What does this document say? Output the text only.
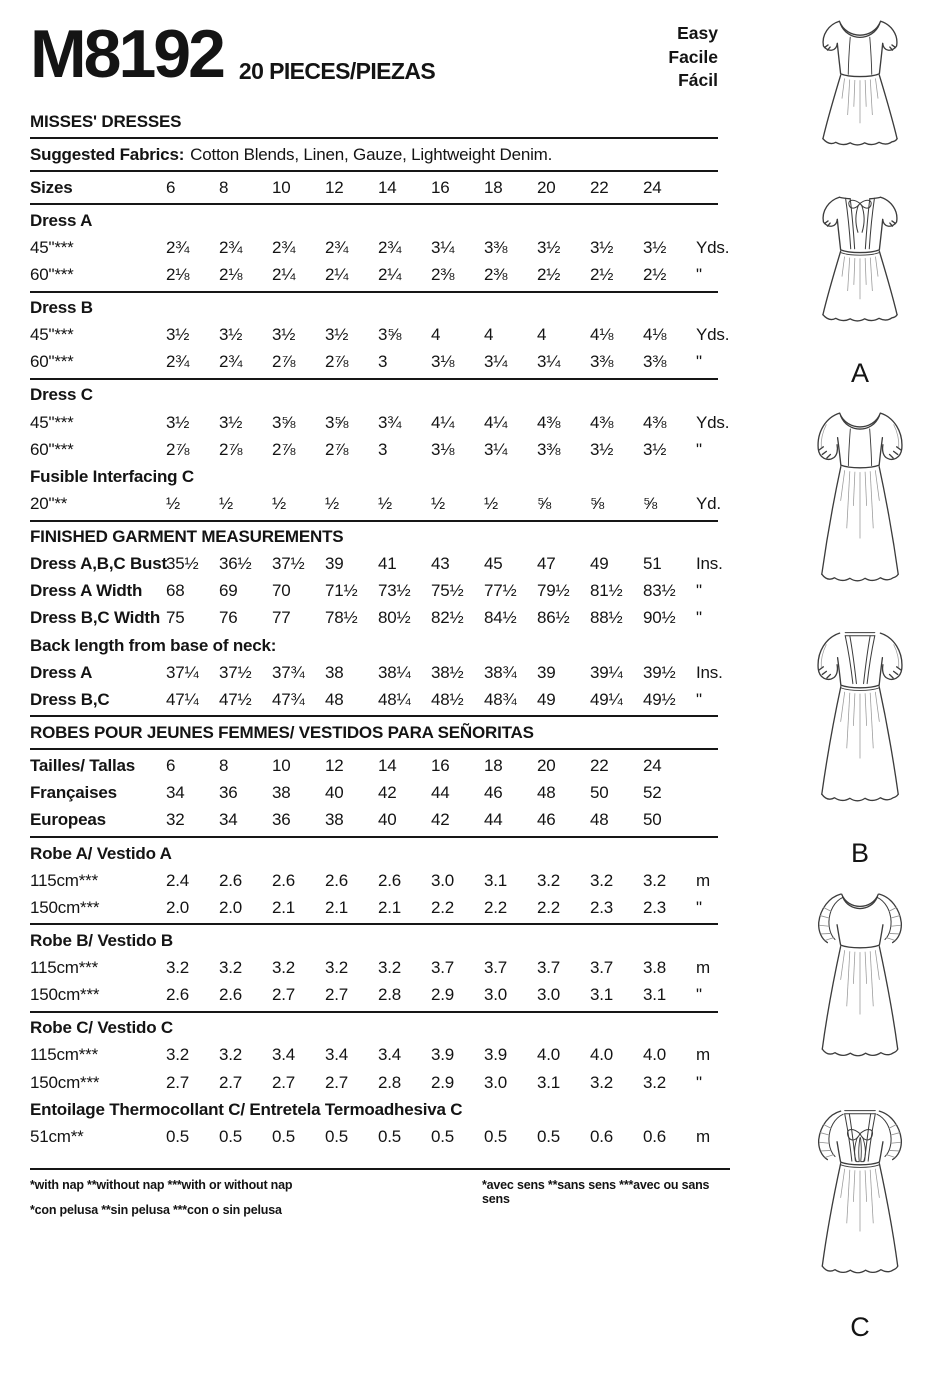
M8192 20 PIECES/PIEZAS
Easy
Facile
Fácil
MISSES' DRESSES
Suggested Fabrics: Cotton Blends, Linen, Gauze, Lightweight Denim.
Sizes	6	8	10	12	14	16	18	20	22	24
Dress A
45"***	2¾	2¾	2¾	2¾	2¾	3¼	3⅜	3½	3½	3½	Yds.
60"***	2⅛	2⅛	2¼	2¼	2¼	2⅜	2⅜	2½	2½	2½	"
Dress B
45"***	3½	3½	3½	3½	3⅝	4	4	4	4⅛	4⅛	Yds.
60"***	2¾	2¾	2⅞	2⅞	3	3⅛	3¼	3¼	3⅜	3⅜	"
Dress C
45"***	3½	3½	3⅝	3⅝	3¾	4¼	4¼	4⅜	4⅜	4⅜	Yds.
60"***	2⅞	2⅞	2⅞	2⅞	3	3⅛	3¼	3⅜	3½	3½	"
Fusible Interfacing C
20"**	½	½	½	½	½	½	½	⅝	⅝	⅝	Yd.
FINISHED GARMENT MEASUREMENTS
Dress A,B,C Bust 35½	36½	37½	39	41	43	45	47	49	51	Ins.
Dress A Width	68	69	70	71½	73½	75½	77½	79½	81½	83½	"
Dress B,C Width 75	76	77	78½	80½	82½	84½	86½	88½	90½	"
Back length from base of neck:
Dress A	37¼	37½	37¾	38	38¼	38½	38¾	39	39¼	39½	Ins.
Dress B,C	47¼	47½	47¾	48	48¼	48½	48¾	49	49¼	49½	"
ROBES POUR JEUNES FEMMES/ VESTIDOS PARA SEÑORITAS
Tailles/ Tallas	6	8	10	12	14	16	18	20	22	24
Françaises	34	36	38	40	42	44	46	48	50	52
Europeas	32	34	36	38	40	42	44	46	48	50
Robe A/ Vestido A
115cm***	2.4	2.6	2.6	2.6	2.6	3.0	3.1	3.2	3.2	3.2	m
150cm***	2.0	2.0	2.1	2.1	2.1	2.2	2.2	2.2	2.3	2.3	"
Robe B/ Vestido B
115cm***	3.2	3.2	3.2	3.2	3.2	3.7	3.7	3.7	3.7	3.8	m
150cm***	2.6	2.6	2.7	2.7	2.8	2.9	3.0	3.0	3.1	3.1	"
Robe C/ Vestido C
115cm***	3.2	3.2	3.4	3.4	3.4	3.9	3.9	4.0	4.0	4.0	m
150cm***	2.7	2.7	2.7	2.7	2.8	2.9	3.0	3.1	3.2	3.2	"
Entoilage Thermocollant C/ Entretela Termoadhesiva C
51cm**	0.5	0.5	0.5	0.5	0.5	0.5	0.5	0.5	0.6	0.6	m
*with nap **without nap ***with or without nap
*con pelusa **sin pelusa ***con o sin pelusa
*avec sens **sans sens ***avec ou sans sens
A
B
C
